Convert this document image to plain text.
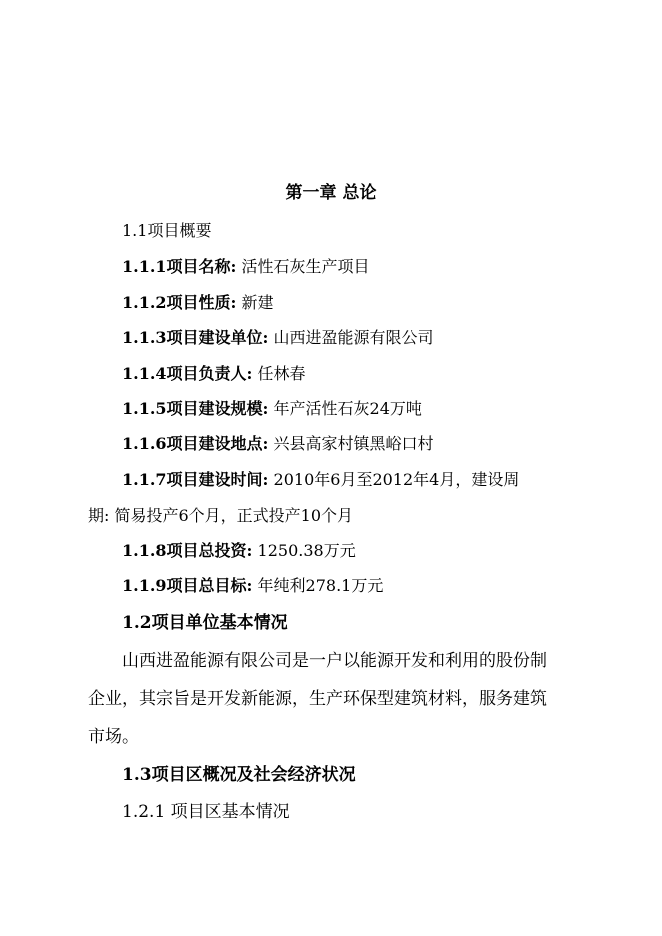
第一章 总论
1.1项目概要
1.1.1项目名称: 活性石灰生产项目
1.1.2项目性质: 新建
1.1.3项目建设单位: 山西进盈能源有限公司
1.1.4项目负责人: 任林春
1.1.5项目建设规模: 年产活性石灰24万吨
1.1.6项目建设地点: 兴县高家村镇黑峪口村
1.1.7项目建设时间: 2010年6月至2012年4月，建设周
期: 简易投产6个月，正式投产10个月
1.1.8项目总投资: 1250.38万元
1.1.9项目总目标: 年纯利278.1万元
1.2项目单位基本情况
山西进盈能源有限公司是一户以能源开发和利用的股份制
企业，其宗旨是开发新能源，生产环保型建筑材料，服务建筑
市场。
1.3项目区概况及社会经济状况
1.2.1 项目区基本情况
